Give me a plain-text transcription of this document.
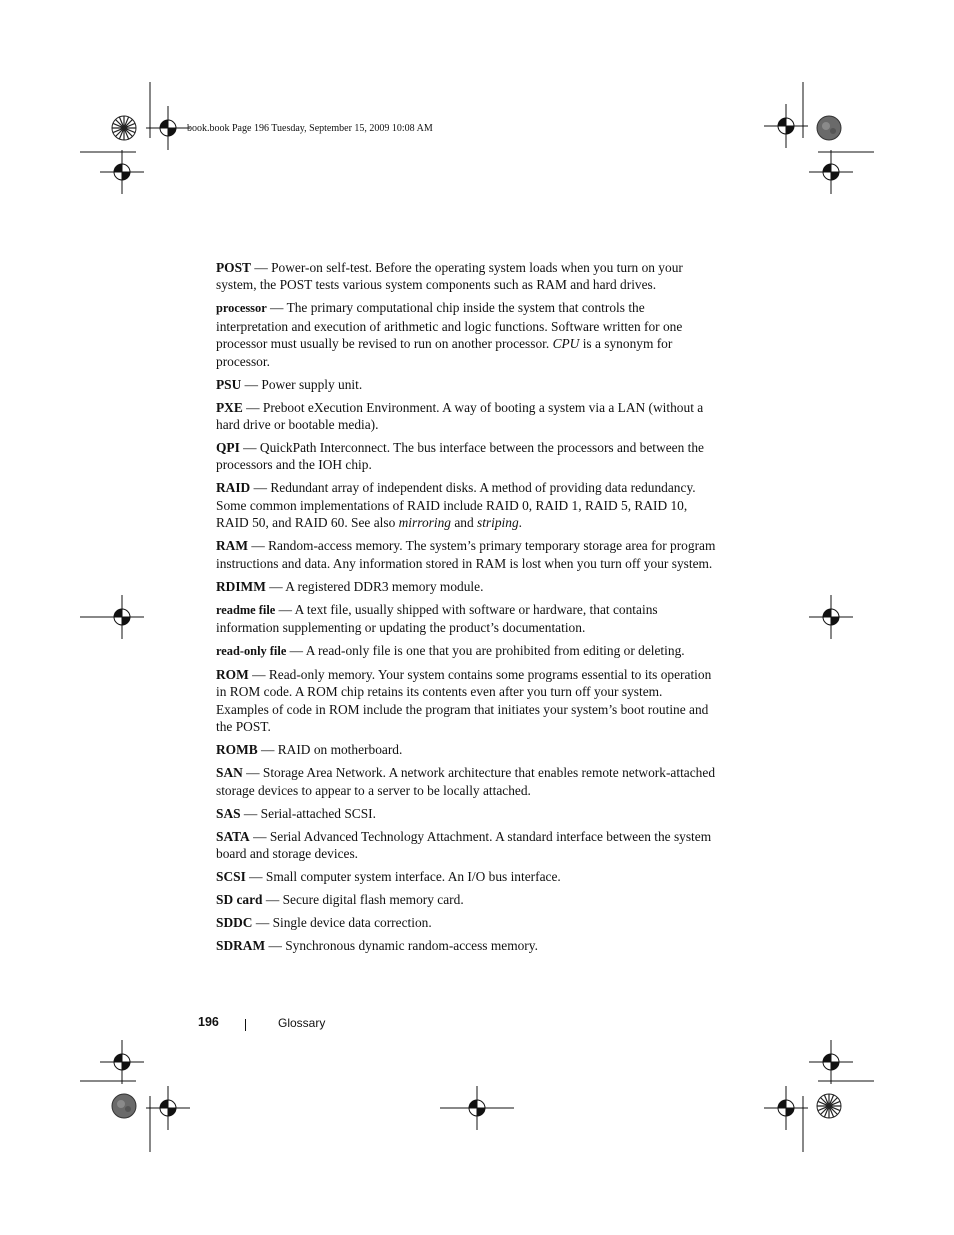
book.book Page 196 Tuesday, September 15, 2009 10:08 AM

POST — Power-on self-test. Before the operating system loads when you turn on your system, the POST tests various system components such as RAM and hard drives.

processor — The primary computational chip inside the system that controls the interpretation and execution of arithmetic and logic functions. Software written for one processor must usually be revised to run on another processor. CPU is a synonym for processor.

PSU — Power supply unit.

PXE — Preboot eXecution Environment. A way of booting a system via a LAN (without a hard drive or bootable media).

QPI — QuickPath Interconnect. The bus interface between the processors and between the processors and the IOH chip.

RAID — Redundant array of independent disks. A method of providing data redundancy. Some common implementations of RAID include RAID 0, RAID 1, RAID 5, RAID 10, RAID 50, and RAID 60. See also mirroring and striping.

RAM — Random-access memory. The system’s primary temporary storage area for program instructions and data. Any information stored in RAM is lost when you turn off your system.

RDIMM — A registered DDR3 memory module.

readme file — A text file, usually shipped with software or hardware, that contains information supplementing or updating the product’s documentation.

read-only file — A read-only file is one that you are prohibited from editing or deleting.

ROM — Read-only memory. Your system contains some programs essential to its operation in ROM code. A ROM chip retains its contents even after you turn off your system. Examples of code in ROM include the program that initiates your system’s boot routine and the POST.

ROMB — RAID on motherboard.

SAN — Storage Area Network. A network architecture that enables remote network-attached storage devices to appear to a server to be locally attached.

SAS — Serial-attached SCSI.

SATA — Serial Advanced Technology Attachment. A standard interface between the system board and storage devices.

SCSI — Small computer system interface. An I/O bus interface.

SD card — Secure digital flash memory card.

SDDC — Single device data correction.

SDRAM — Synchronous dynamic random-access memory.

196	Glossary
